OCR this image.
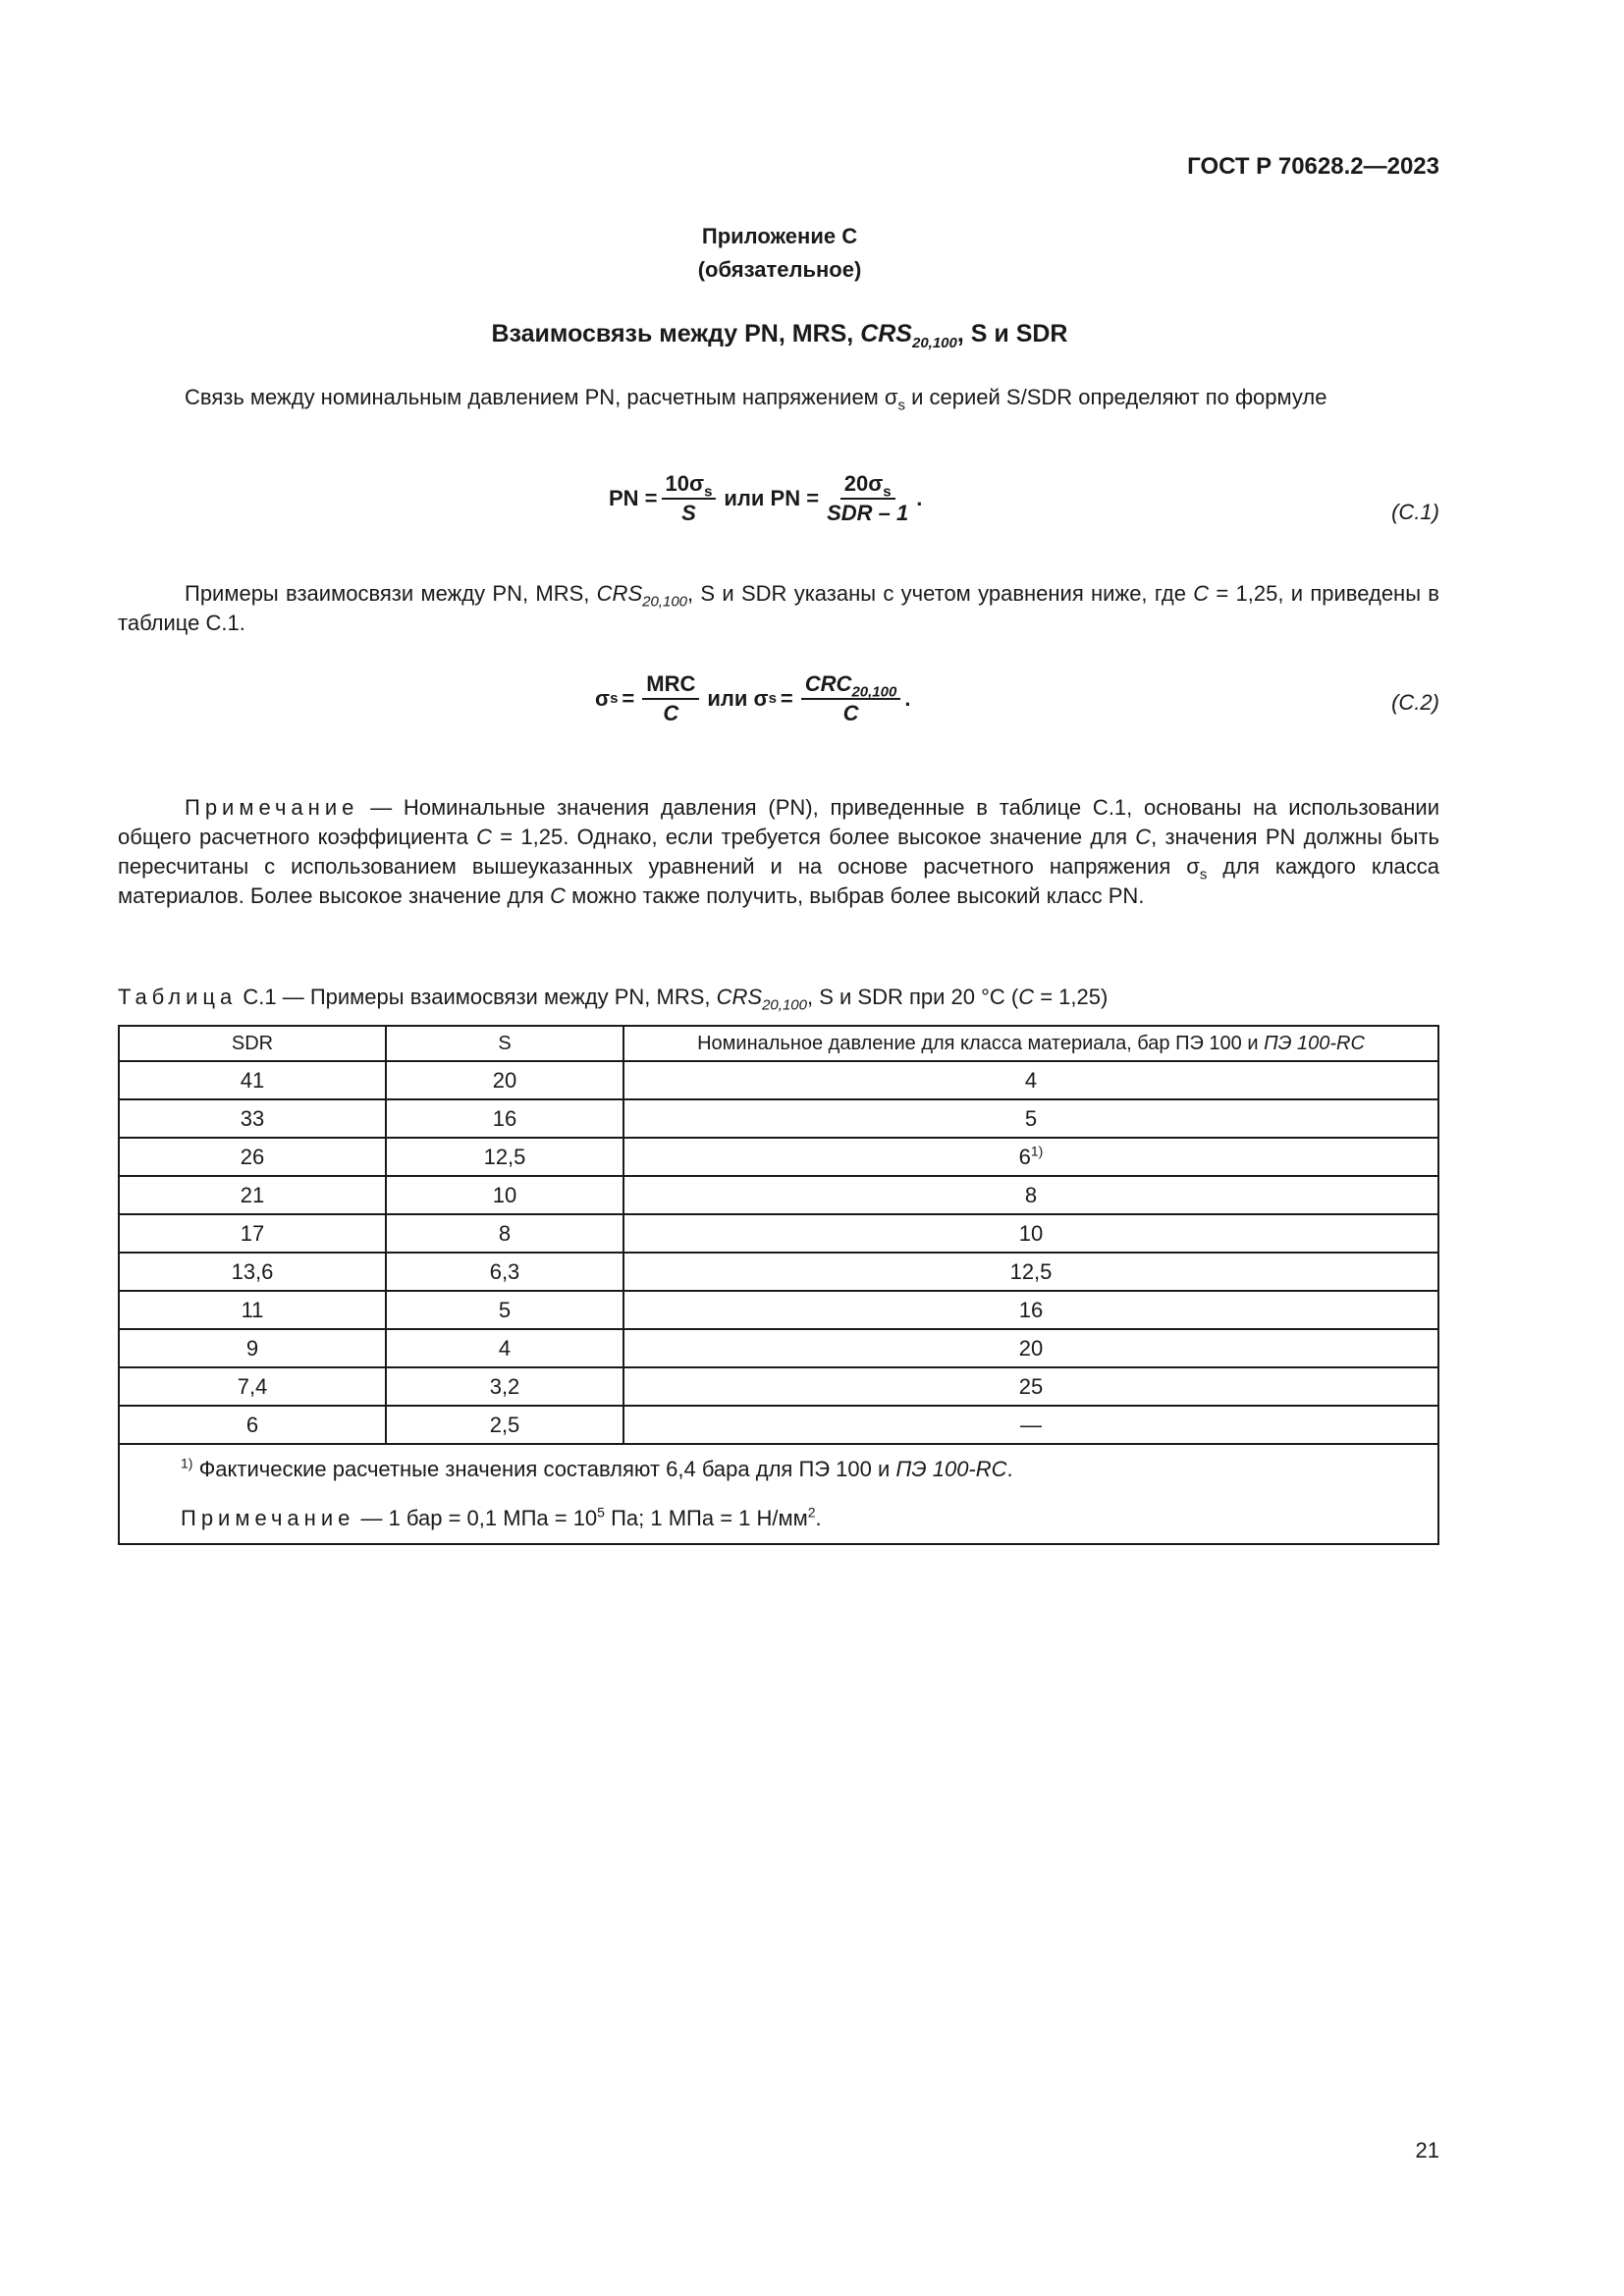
ГОСТ Р 70628.2—2023
Приложение С
(обязательное)
Взаимосвязь между PN, MRS, $CRS_{20,100}$, S и SDR
Связь между номинальным давлением PN, расчетным напряжением $\sigma_s$ и серией S/SDR определяют по формуле
PN = $\frac{10\sigma_s}{S}$ или PN = $\frac{20\sigma_s}{\text{SDR – 1}}$ .
(C.1)
Примеры взаимосвязи между PN, MRS, $CRS_{20,100}$, S и SDR указаны с учетом уравнения ниже, где C = 1,25, и приведены в таблице С.1.
σ $s = \frac{\text{MRC}}{C}$ или σ $s = \frac{CRC_{20,100}}{C}$ .	(C.2)
Примечание — Номинальные значения давления (PN), приведенные в таблице С.1, основаны на использовании общего расчетного коэффициента C = 1,25. Однако, если требуется более высокое значение для C, значения PN должны быть пересчитаны с использованием вышеуказанных уравнений и на основе расчетного напряжения $\sigma_s$ для каждого класса материалов. Более высокое значение для C можно также получить, выбрав более высокий класс PN.
Таблица С.1 — Примеры взаимосвязи между PN, MRS, $CRS_{20,100}$, S и SDR при 20 °C (C = 1,25)
SDR	S	Номинальное давление для класса материала, бар ПЭ 100 и ПЭ 100-RC
41	20	4
33	16	5
26	12,5	6$^{1)}$
21	10	8
17	8	10
13,6	6,3	12,5
11	5	16
9	4	20
7,4	3,2	25
6	2,5	—

$^{1)}$ Фактические расчетные значения составляют 6,4 бара для ПЭ 100 и ПЭ 100-RC.
Примечание — 1 бар = 0,1 МПа = $10^5$ Па; 1 МПа = 1 $Н/мм^2$.		
21
